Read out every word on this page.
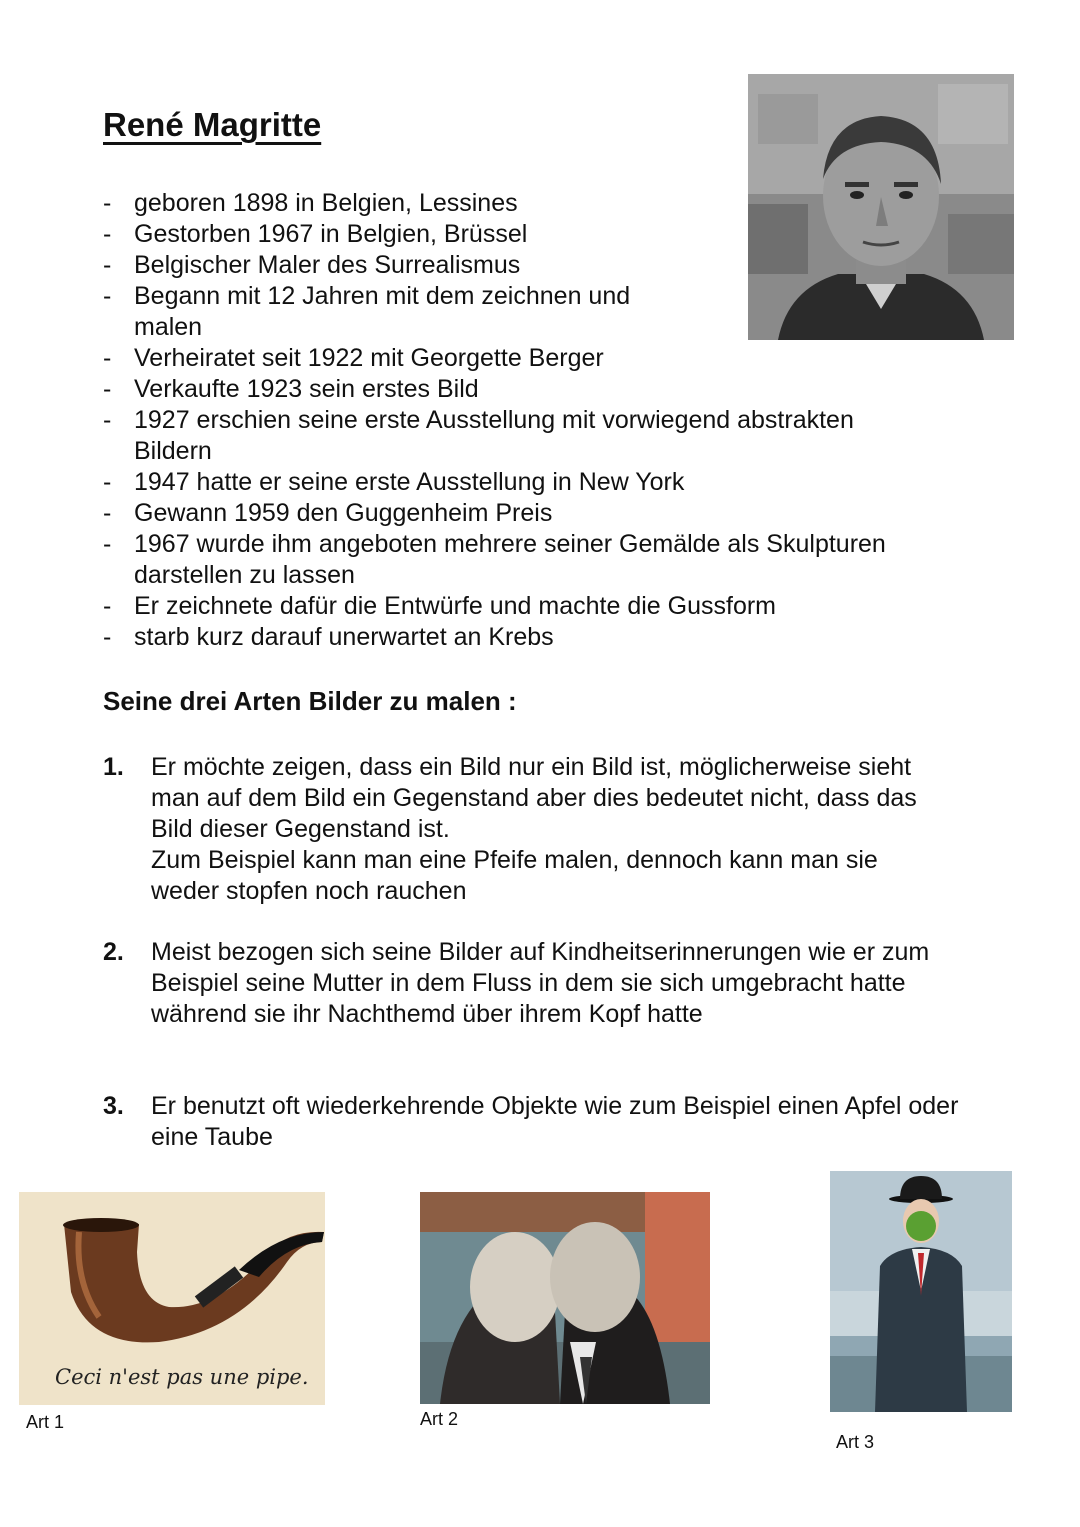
René Magritte
- geboren 1898 in Belgien, Lessines
- Gestorben 1967 in Belgien, Brüssel
- Belgischer Maler des Surrealismus
- Begann mit 12 Jahren mit dem zeichnen und malen
- Verheiratet seit 1922 mit Georgette Berger
- Verkaufte 1923 sein erstes Bild
- 1927 erschien seine erste Ausstellung mit vorwiegend abstrakten Bildern
- 1947 hatte er seine erste Ausstellung in New York
- Gewann 1959 den Guggenheim Preis
- 1967 wurde ihm angeboten mehrere seiner Gemälde als Skulpturen darstellen zu lassen
- Er zeichnete dafür die Entwürfe und machte die Gussform
- starb kurz darauf unerwartet an Krebs
Seine drei Arten Bilder zu malen :
1. Er möchte zeigen, dass ein Bild nur ein Bild ist, möglicherweise sieht man auf dem Bild ein Gegenstand aber dies bedeutet nicht, dass das Bild dieser Gegenstand ist.

Zum Beispiel kann man eine Pfeife malen, dennoch kann man sie weder stopfen noch rauchen

2. Meist bezogen sich seine Bilder auf Kindheitserinnerungen wie er zum Beispiel seine Mutter in dem Fluss in dem sie sich umgebracht hatte während sie ihr Nachthemd über ihrem Kopf hatte

3. Er benutzt oft wiederkehrende Objekte wie zum Beispiel einen Apfel oder eine Taube

Ceci n'est pas une pipe.
Art 1	Art 2
Art 3
